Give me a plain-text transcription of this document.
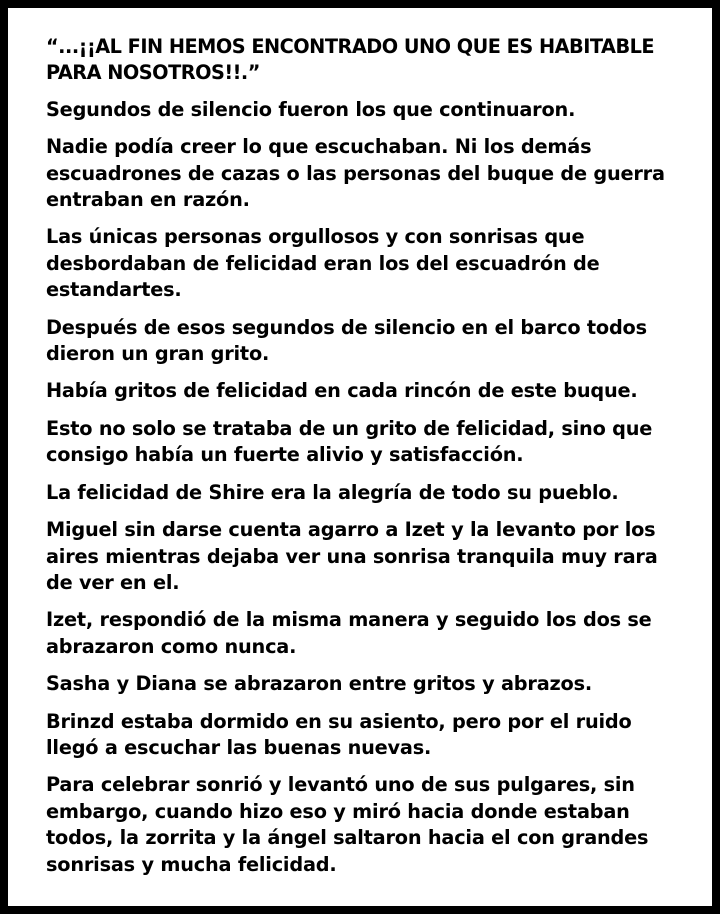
“...¡¡AL FIN HEMOS ENCONTRADO UNO QUE ES HABITABLE PARA NOSOTROS!!.”

Segundos de silencio fueron los que continuaron.

Nadie podía creer lo que escuchaban. Ni los demás escuadrones de cazas o las personas del buque de guerra entraban en razón.

Las únicas personas orgullosos y con sonrisas que desbordaban de felicidad eran los del escuadrón de estandartes.

Después de esos segundos de silencio en el barco todos dieron un gran grito.

Había gritos de felicidad en cada rincón de este buque.

Esto no solo se trataba de un grito de felicidad, sino que consigo había un fuerte alivio y satisfacción.

La felicidad de Shire era la alegría de todo su pueblo.

Miguel sin darse cuenta agarro a Izet y la levanto por los aires mientras dejaba ver una sonrisa tranquila muy rara de ver en el.

Izet, respondió de la misma manera y seguido los dos se abrazaron como nunca.

Sasha y Diana se abrazaron entre gritos y abrazos.

Brinzd estaba dormido en su asiento, pero por el ruido llegó a escuchar las buenas nuevas.

Para celebrar sonrió y levantó uno de sus pulgares, sin embargo, cuando hizo eso y miró hacia donde estaban todos, la zorrita y la ángel saltaron hacia el con grandes sonrisas y mucha felicidad.
